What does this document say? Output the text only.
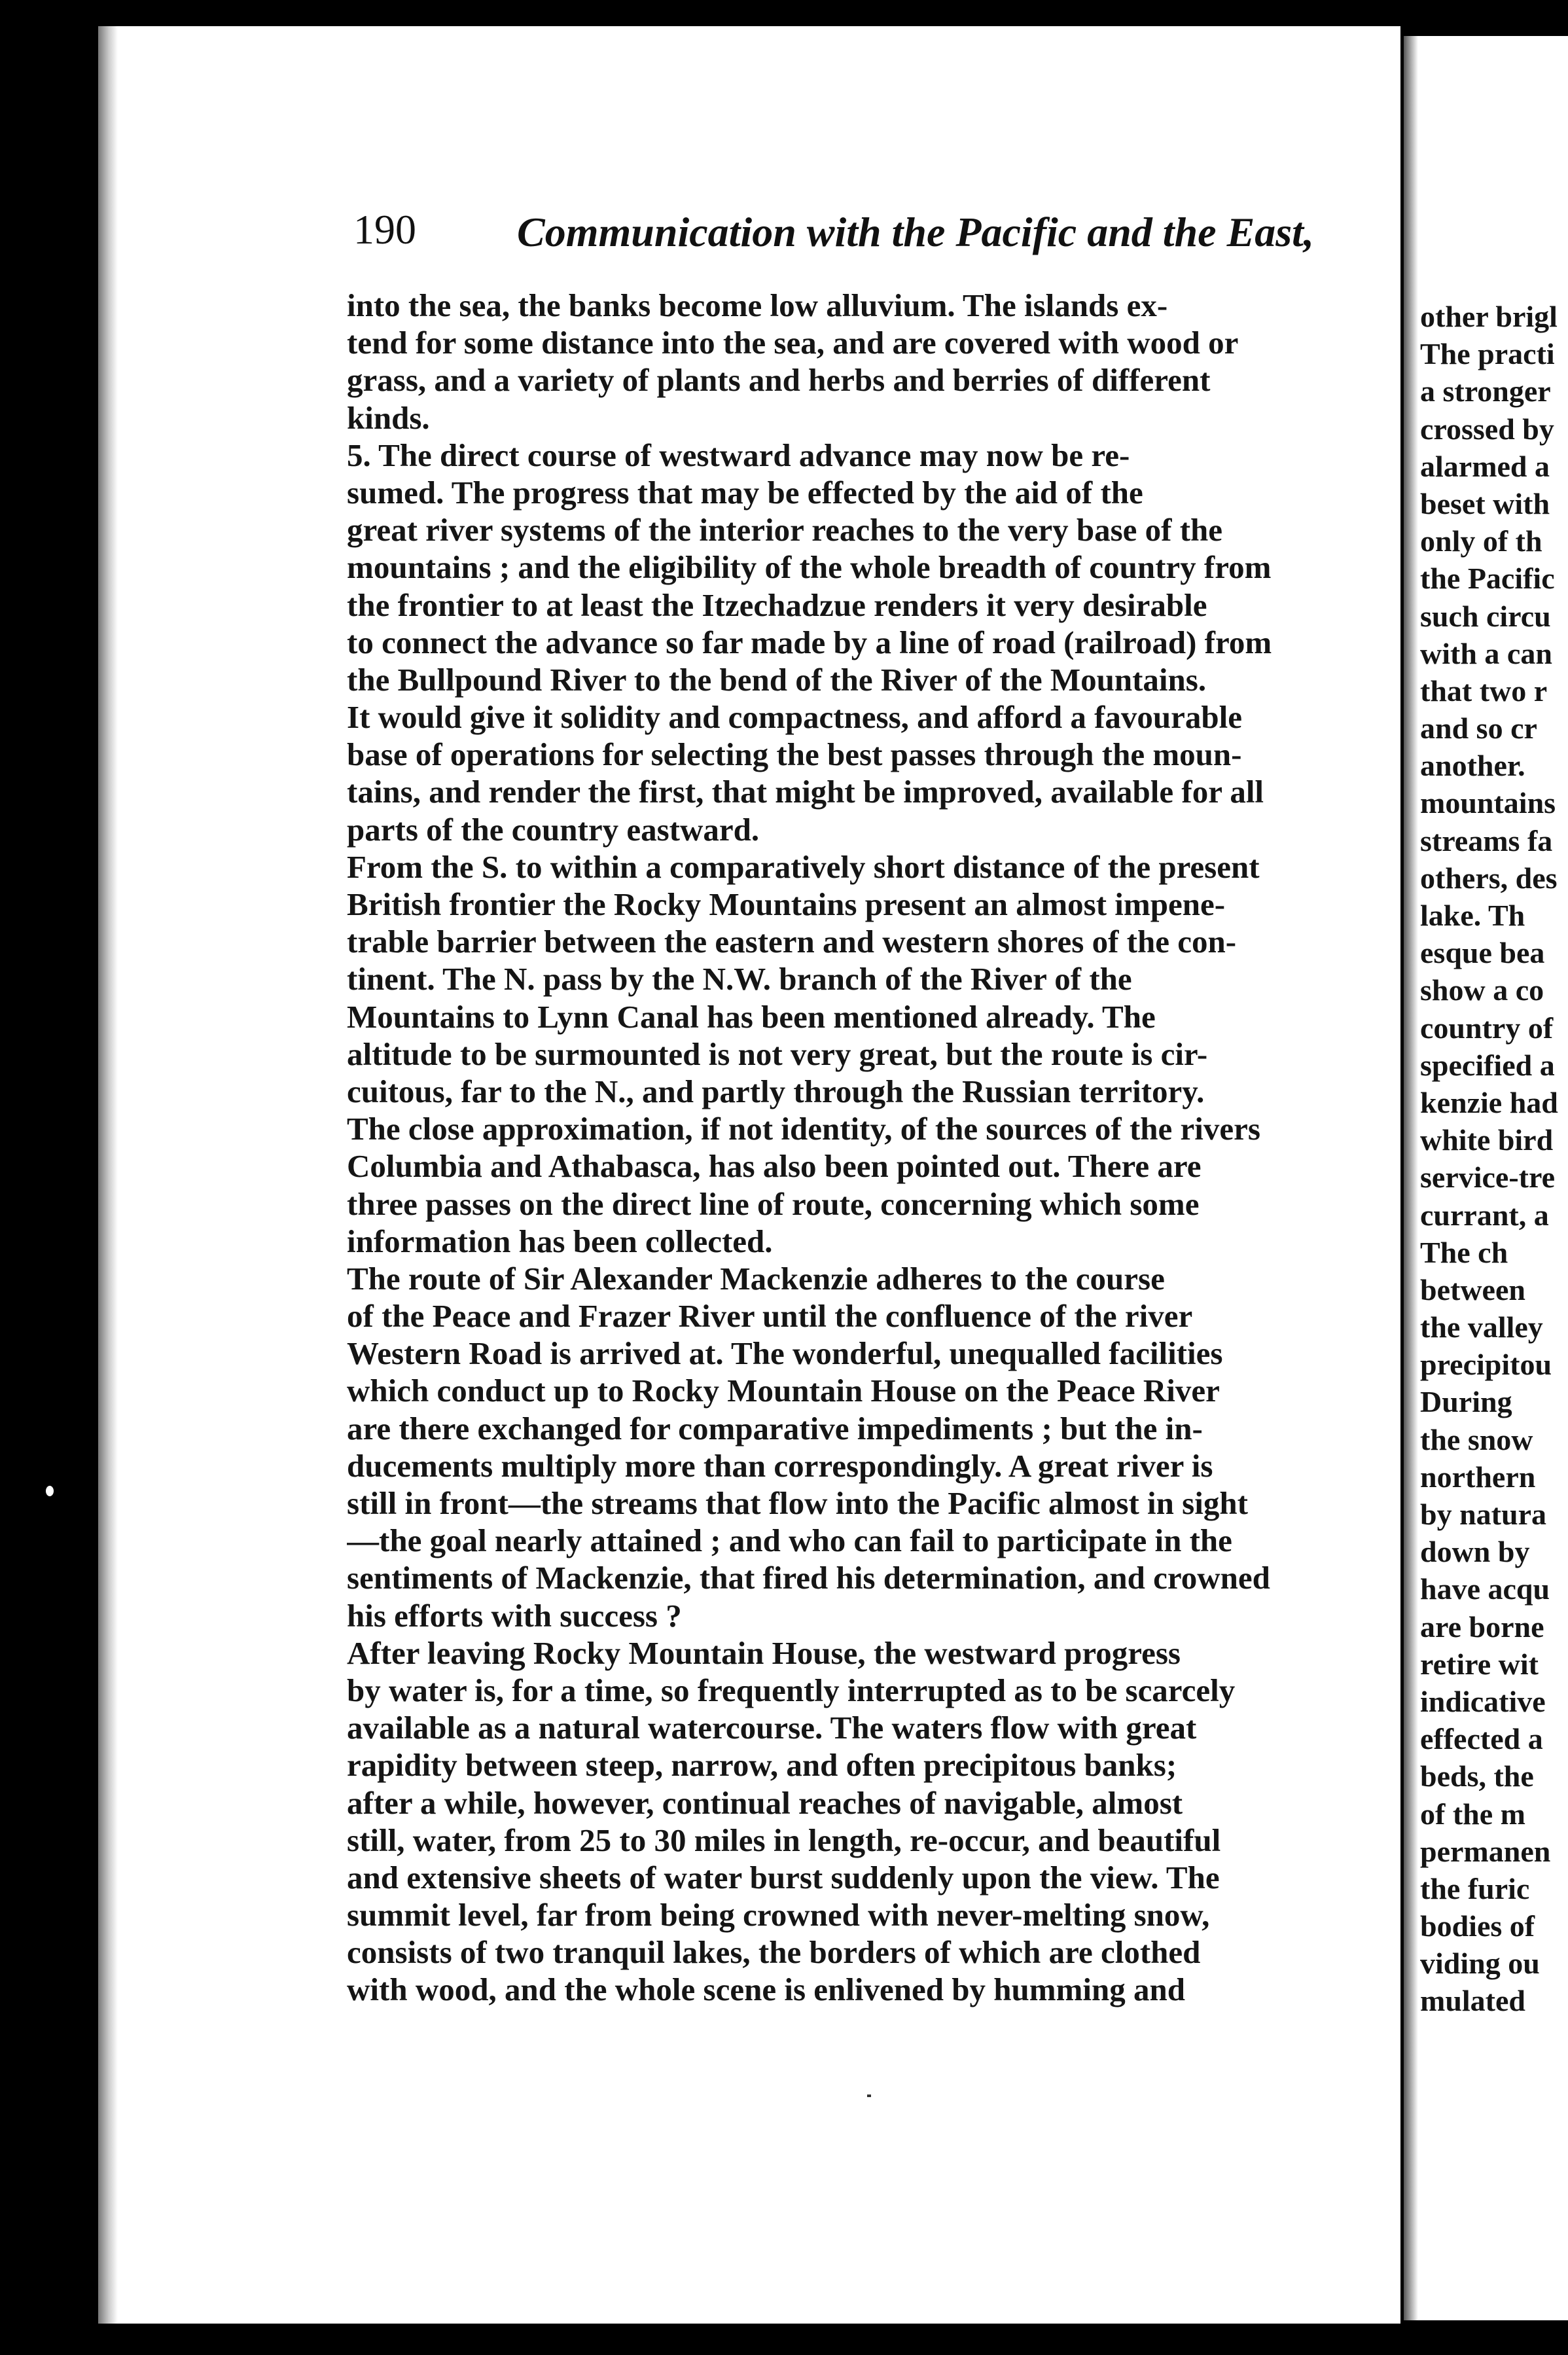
190 Communication with the Pacific and the East,
into the sea, the banks become low alluvium. The islands ex-
tend for some distance into the sea, and are covered with wood or
grass, and a variety of plants and herbs and berries of different
kinds.
5. The direct course of westward advance may now be re-
sumed. The progress that may be effected by the aid of the
great river systems of the interior reaches to the very base of the
mountains ; and the eligibility of the whole breadth of country from
the frontier to at least the Itzechadzue renders it very desirable
to connect the advance so far made by a line of road (railroad) from
the Bullpound River to the bend of the River of the Mountains.
It would give it solidity and compactness, and afford a favourable
base of operations for selecting the best passes through the moun-
tains, and render the first, that might be improved, available for all
parts of the country eastward.
From the S. to within a comparatively short distance of the present
British frontier the Rocky Mountains present an almost impene-
trable barrier between the eastern and western shores of the con-
tinent. The N. pass by the N.W. branch of the River of the
Mountains to Lynn Canal has been mentioned already. The
altitude to be surmounted is not very great, but the route is cir-
cuitous, far to the N., and partly through the Russian territory.
The close approximation, if not identity, of the sources of the rivers
Columbia and Athabasca, has also been pointed out. There are
three passes on the direct line of route, concerning which some
information has been collected.
The route of Sir Alexander Mackenzie adheres to the course
of the Peace and Frazer River until the confluence of the river
Western Road is arrived at. The wonderful, unequalled facilities
which conduct up to Rocky Mountain House on the Peace River
are there exchanged for comparative impediments ; but the in-
ducements multiply more than correspondingly. A great river is
still in front—the streams that flow into the Pacific almost in sight
—the goal nearly attained ; and who can fail to participate in the
sentiments of Mackenzie, that fired his determination, and crowned
his efforts with success ?
After leaving Rocky Mountain House, the westward progress
by water is, for a time, so frequently interrupted as to be scarcely
available as a natural watercourse. The waters flow with great
rapidity between steep, narrow, and often precipitous banks;
after a while, however, continual reaches of navigable, almost
still, water, from 25 to 30 miles in length, re-occur, and beautiful
and extensive sheets of water burst suddenly upon the view. The
summit level, far from being crowned with never-melting snow,
consists of two tranquil lakes, the borders of which are clothed
with wood, and the whole scene is enlivened by humming and
other brigl
The practi
a stronger
crossed by
alarmed a
beset with
only of th
the Pacific
such circu
with a can
that two r
and so cr
another.
mountains
streams fa
others, des
lake. Th
esque bea
show a co
country of
specified a
kenzie had
white bird
service-tre
currant, a
The ch
between
the valley
precipitou
During
the snow
northern
by natura
down by
have acqu
are borne
retire wit
indicative
effected a
beds, the
of the m
permanen
the furic
bodies of
viding ou
mulated
